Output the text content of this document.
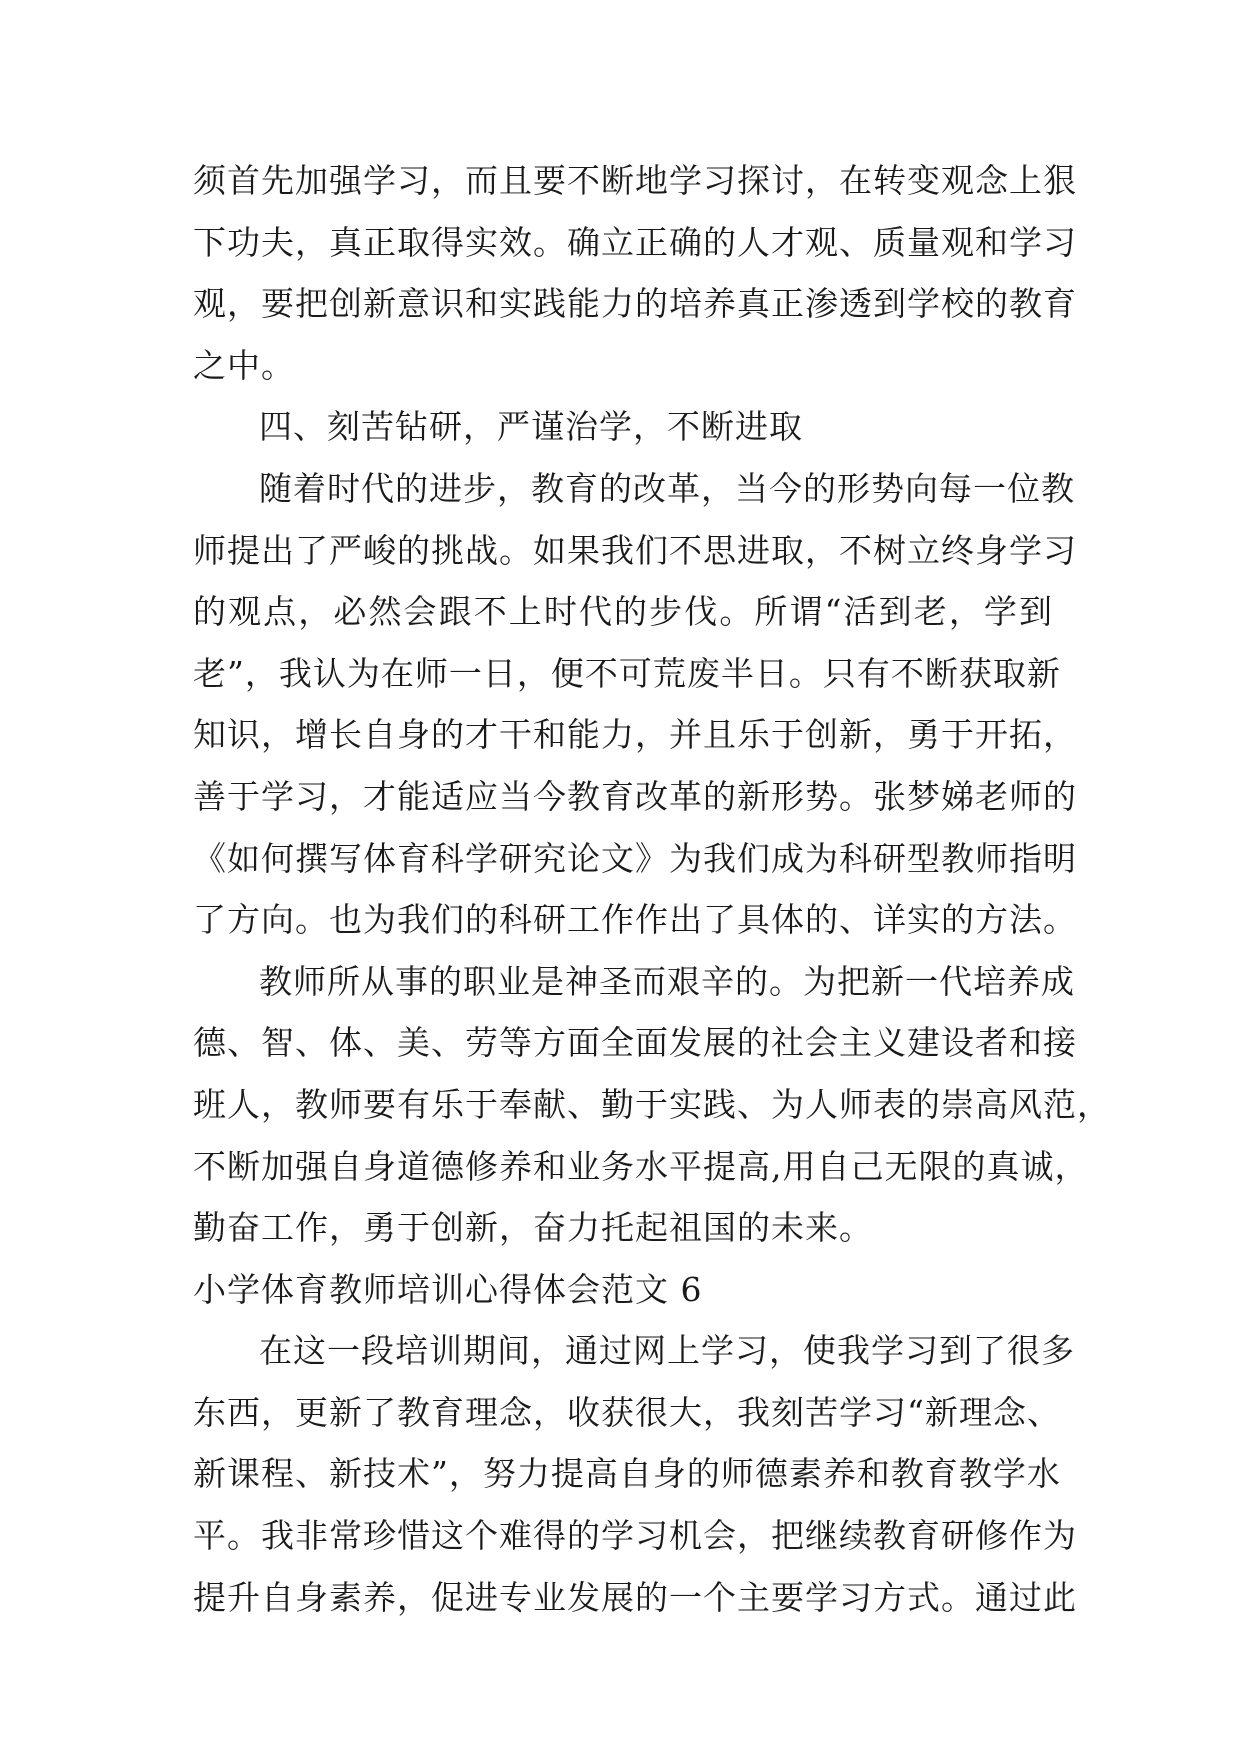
须首先加强学习，而且要不断地学习探讨，在转变观念上狠
下功夫，真正取得实效。确立正确的人才观、质量观和学习
观，要把创新意识和实践能力的培养真正渗透到学校的教育
之中。
四、刻苦钻研，严谨治学，不断进取
随着时代的进步，教育的改革，当今的形势向每一位教
师提出了严峻的挑战。如果我们不思进取，不树立终身学习
的观点，必然会跟不上时代的步伐。所谓“活到老，学到
老”，我认为在师一日，便不可荒废半日。只有不断获取新
知识，增长自身的才干和能力，并且乐于创新，勇于开拓，
善于学习，才能适应当今教育改革的新形势。张梦娣老师的
《如何撰写体育科学研究论文》为我们成为科研型教师指明
了方向。也为我们的科研工作作出了具体的、详实的方法。
教师所从事的职业是神圣而艰辛的。为把新一代培养成
德、智、体、美、劳等方面全面发展的社会主义建设者和接
班人，教师要有乐于奉献、勤于实践、为人师表的崇高风范，
不断加强自身道德修养和业务水平提高,用自己无限的真诚，
勤奋工作，勇于创新，奋力托起祖国的未来。
小学体育教师培训心得体会范文 6
在这一段培训期间，通过网上学习，使我学习到了很多
东西，更新了教育理念，收获很大，我刻苦学习“新理念、
新课程、新技术”，努力提高自身的师德素养和教育教学水
平。我非常珍惜这个难得的学习机会，把继续教育研修作为
提升自身素养，促进专业发展的一个主要学习方式。通过此
